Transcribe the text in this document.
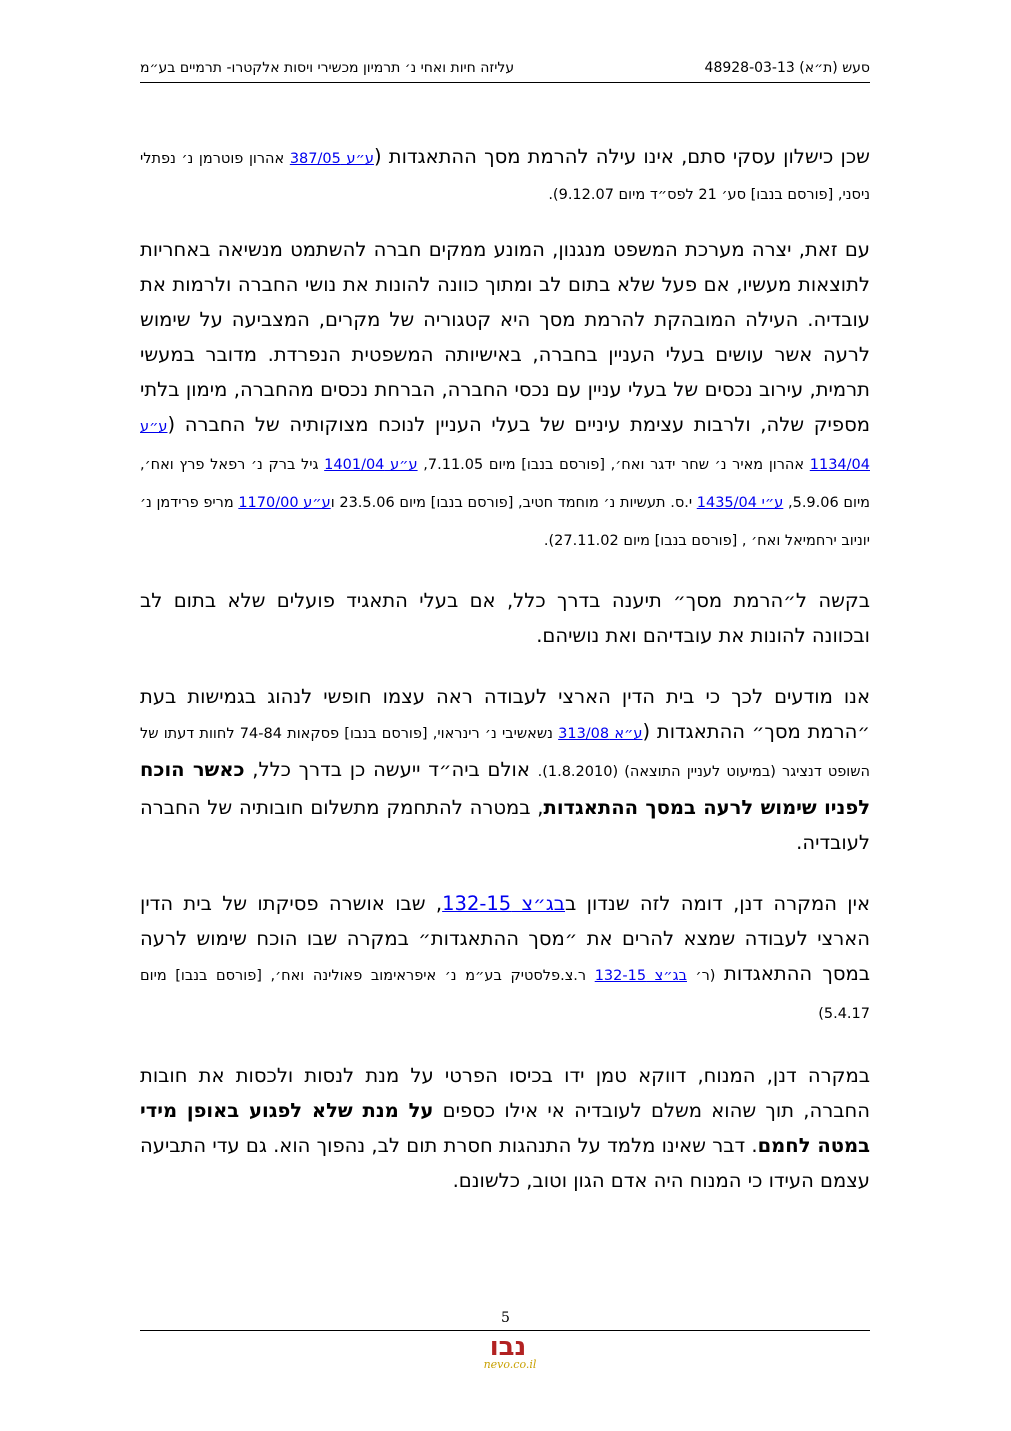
סעש (ת״א) 48928-03-13
עליזה חיות ואחי נ׳ תרמיון מכשירי ויסות אלקטרו- תרמיים בע״מ

שכן כישלון עסקי סתם, אינו עילה להרמת מסך ההתאגדות (ע״ע 387/05 אהרון פוטרמן נ׳ נפתלי ניסני, [פורסם בנבו] סע׳ 21 לפס״ד מיום 9.12.07).

עם זאת, יצרה מערכת המשפט מנגנון, המונע ממקים חברה להשתמט מנשיאה באחריות לתוצאות מעשיו, אם פעל שלא בתום לב ומתוך כוונה להונות את נושי החברה ולרמות את עובדיה. העילה המובהקת להרמת מסך היא קטגוריה של מקרים, המצביעה על שימוש לרעה אשר עושים בעלי העניין בחברה, באישיותה המשפטית הנפרדת. מדובר במעשי תרמית, עירוב נכסים של בעלי עניין עם נכסי החברה, הברחת נכסים מהחברה, מימון בלתי מספיק שלה, ולרבות עצימת עיניים של בעלי העניין לנוכח מצוקותיה של החברה (ע״ע 1134/04 אהרון מאיר נ׳ שחר ידגר ואח׳, [פורסם בנבו] מיום 7.11.05, ע״ע 1401/04 גיל ברק נ׳ רפאל פרץ ואח׳, מיום 5.9.06, ע״י 1435/04 י.ס. תעשיות נ׳ מוחמד חטיב, [פורסם בנבו] מיום 23.5.06 וע״ע 1170/00 מריפ פרידמן נ׳ יוניוב ירחמיאל ואח׳ , [פורסם בנבו] מיום 27.11.02).

בקשה ל״הרמת מסך״ תיענה בדרך כלל, אם בעלי התאגיד פועלים שלא בתום לב ובכוונה להונות את עובדיהם ואת נושיהם.

אנו מודעים לכך כי בית הדין הארצי לעבודה ראה עצמו חופשי לנהוג בגמישות בעת ״הרמת מסך״ ההתאגדות (ע״א 313/08 נשאשיבי נ׳ רינראוי, [פורסם בנבו] פסקאות 74-84 לחוות דעתו של השופט דנציגר (במיעוט לעניין התוצאה) (1.8.2010). אולם ביה״ד ייעשה כן בדרך כלל, כאשר הוכח לפניו שימוש לרעה במסך ההתאגדות, במטרה להתחמק מתשלום חובותיה של החברה לעובדיה.

אין המקרה דנן, דומה לזה שנדון בבג״צ 132-15, שבו אושרה פסיקתו של בית הדין הארצי לעבודה שמצא להרים את ״מסך ההתאגדות״ במקרה שבו הוכח שימוש לרעה במסך ההתאגדות (ר׳ בג״צ 132-15 ר.צ.פלסטיק בע״מ נ׳ איפראימוב פאולינה ואח׳, [פורסם בנבו] מיום 5.4.17)

במקרה דנן, המנוח, דווקא טמן ידו בכיסו הפרטי על מנת לנסות ולכסות את חובות החברה, תוך שהוא משלם לעובדיה אי אילו כספים על מנת שלא לפגוע באופן מידי במטה לחמם. דבר שאינו מלמד על התנהגות חסרת תום לב, נהפוך הוא. גם עדי התביעה עצמם העידו כי המנוח היה אדם הגון וטוב, כלשונם.

5
נבו
nevo.co.il
